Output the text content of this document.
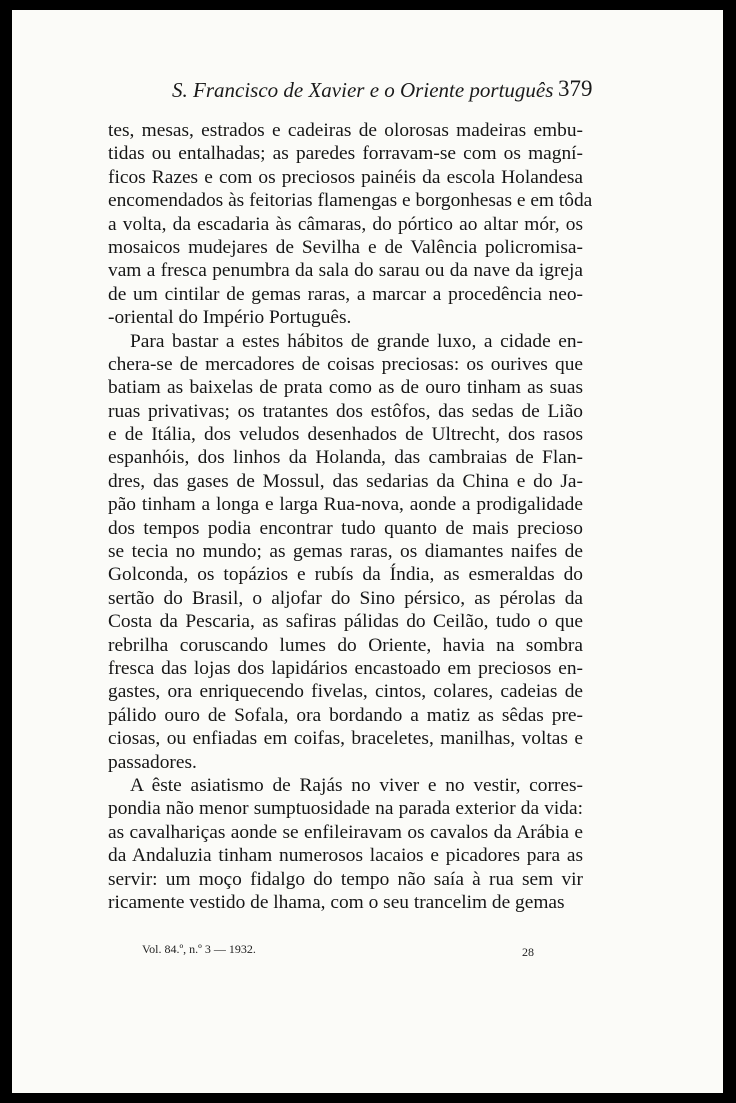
S. Francisco de Xavier e o Oriente português 379
tes, mesas, estrados e cadeiras de olorosas madeiras embu-
tidas ou entalhadas; as paredes forravam-se com os magní-
ficos Razes e com os preciosos painéis da escola Holandesa
encomendados às feitorias flamengas e borgonhesas e em tôda
a volta, da escadaria às câmaras, do pórtico ao altar mór, os
mosaicos mudejares de Sevilha e de Valência policromisa-
vam a fresca penumbra da sala do sarau ou da nave da igreja
de um cintilar de gemas raras, a marcar a procedência neo-
-oriental do Império Português.
Para bastar a estes hábitos de grande luxo, a cidade en-
chera-se de mercadores de coisas preciosas: os ourives que
batiam as baixelas de prata como as de ouro tinham as suas
ruas privativas; os tratantes dos estôfos, das sedas de Lião
e de Itália, dos veludos desenhados de Ultrecht, dos rasos
espanhóis, dos linhos da Holanda, das cambraias de Flan-
dres, das gases de Mossul, das sedarias da China e do Ja-
pão tinham a longa e larga Rua-nova, aonde a prodigalidade
dos tempos podia encontrar tudo quanto de mais precioso
se tecia no mundo; as gemas raras, os diamantes naifes de
Golconda, os topázios e rubís da Índia, as esmeraldas do
sertão do Brasil, o aljofar do Sino pérsico, as pérolas da
Costa da Pescaria, as safiras pálidas do Ceilão, tudo o que
rebrilha coruscando lumes do Oriente, havia na sombra
fresca das lojas dos lapidários encastoado em preciosos en-
gastes, ora enriquecendo fivelas, cintos, colares, cadeias de
pálido ouro de Sofala, ora bordando a matiz as sêdas pre-
ciosas, ou enfiadas em coifas, braceletes, manilhas, voltas e
passadores.
A êste asiatismo de Rajás no viver e no vestir, corres-
pondia não menor sumptuosidade na parada exterior da vida:
as cavalhariças aonde se enfileiravam os cavalos da Arábia e
da Andaluzia tinham numerosos lacaios e picadores para as
servir: um moço fidalgo do tempo não saía à rua sem vir
ricamente vestido de lhama, com o seu trancelim de gemas
Vol. 84.º, n.º 3 — 1932.	28
